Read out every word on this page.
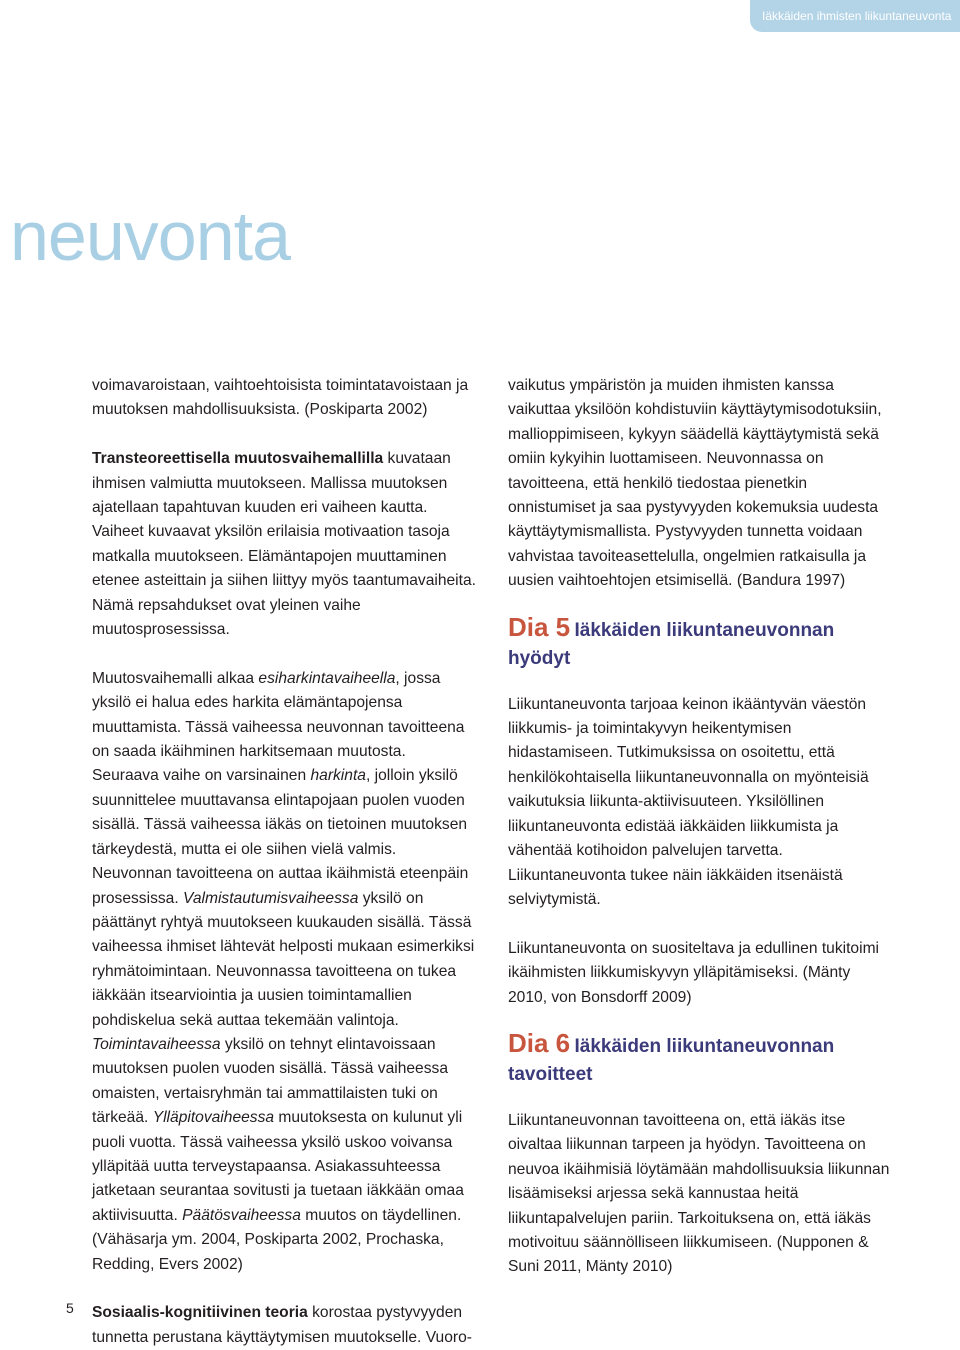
Iäkkäiden ihmisten liikuntaneuvonta
neuvonta

voimavaroistaan, vaihtoehtoisista toimintatavoistaan ja muutoksen mahdollisuuksista. (Poskiparta 2002)

Transteoreettisella muutosvaihemallilla kuvataan ihmisen valmiutta muutokseen. Mallissa muutoksen ajatellaan tapahtuvan kuuden eri vaiheen kautta. Vaiheet kuvaavat yksilön erilaisia motivaation tasoja matkalla muutokseen. Elämäntapojen muuttaminen etenee asteittain ja siihen liittyy myös taantumavaiheita. Nämä repsahdukset ovat yleinen vaihe muutosprosessissa.

Muutosvaihemalli alkaa esiharkintavaiheella, jossa yksilö ei halua edes harkita elämäntapojensa muuttamista. Tässä vaiheessa neuvonnan tavoitteena on saada ikäihminen harkitsemaan muutosta. Seuraava vaihe on varsinainen harkinta, jolloin yksilö suunnittelee muuttavansa elintapojaan puolen vuoden sisällä. Tässä vaiheessa iäkäs on tietoinen muutoksen tärkeydestä, mutta ei ole siihen vielä valmis. Neuvonnan tavoitteena on auttaa ikäihmistä eteenpäin prosessissa. Valmistautumisvaiheessa yksilö on päättänyt ryhtyä muutokseen kuukauden sisällä. Tässä vaiheessa ihmiset lähtevät helposti mukaan esimerkiksi ryhmätoimintaan. Neuvonnassa tavoitteena on tukea iäkkään itsearviointia ja uusien toimintamallien pohdiskelua sekä auttaa tekemään valintoja. Toimintavaiheessa yksilö on tehnyt elintavoissaan muutoksen puolen vuoden sisällä. Tässä vaiheessa omaisten, vertaisryhmän tai ammattilaisten tuki on tärkeää. Ylläpitovaiheessa muutoksesta on kulunut yli puoli vuotta. Tässä vaiheessa yksilö uskoo voivansa ylläpitää uutta terveystapaansa. Asiakassuhteessa jatketaan seurantaa sovitusti ja tuetaan iäkkään omaa aktiivisuutta. Päätösvaiheessa muutos on täydellinen. (Vähäsarja ym. 2004, Poskiparta 2002, Prochaska, Redding, Evers 2002)

Sosiaalis-kognitiivinen teoria korostaa pystyvyyden tunnetta perustana käyttäytymisen muutokselle. Vuoro-

vaikutus ympäristön ja muiden ihmisten kanssa vaikuttaa yksilöön kohdistuviin käyttäytymisodotuksiin, mallioppimiseen, kykyyn säädellä käyttäytymistä sekä omiin kykyihin luottamiseen. Neuvonnassa on tavoitteena, että henkilö tiedostaa pienetkin onnistumiset ja saa pystyvyyden kokemuksia uudesta käyttäytymismallista. Pystyvyyden tunnetta voidaan vahvistaa tavoiteasettelulla, ongelmien ratkaisulla ja uusien vaihtoehtojen etsimisellä. (Bandura 1997)

Dia 5 Iäkkäiden liikuntaneuvonnan hyödyt

Liikuntaneuvonta tarjoaa keinon ikääntyvän väestön liikkumis- ja toimintakyvyn heikentymisen hidastamiseen. Tutkimuksissa on osoitettu, että henkilökohtaisella liikuntaneuvonnalla on myönteisiä vaikutuksia liikunta-aktiivisuuteen. Yksilöllinen liikuntaneuvonta edistää iäkkäiden liikkumista ja vähentää kotihoidon palvelujen tarvetta. Liikuntaneuvonta tukee näin iäkkäiden itsenäistä selviytymistä.

Liikuntaneuvonta on suositeltava ja edullinen tukitoimi ikäihmisten liikkumiskyvyn ylläpitämiseksi. (Mänty 2010, von Bonsdorff 2009)

Dia 6 Iäkkäiden liikuntaneuvonnan tavoitteet

Liikuntaneuvonnan tavoitteena on, että iäkäs itse oivaltaa liikunnan tarpeen ja hyödyn. Tavoitteena on neuvoa ikäihmisiä löytämään mahdollisuuksia liikunnan lisäämiseksi arjessa sekä kannustaa heitä liikuntapalvelujen pariin. Tarkoituksena on, että iäkäs motivoituu säännölliseen liikkumiseen. (Nupponen & Suni 2011, Mänty 2010)

5
